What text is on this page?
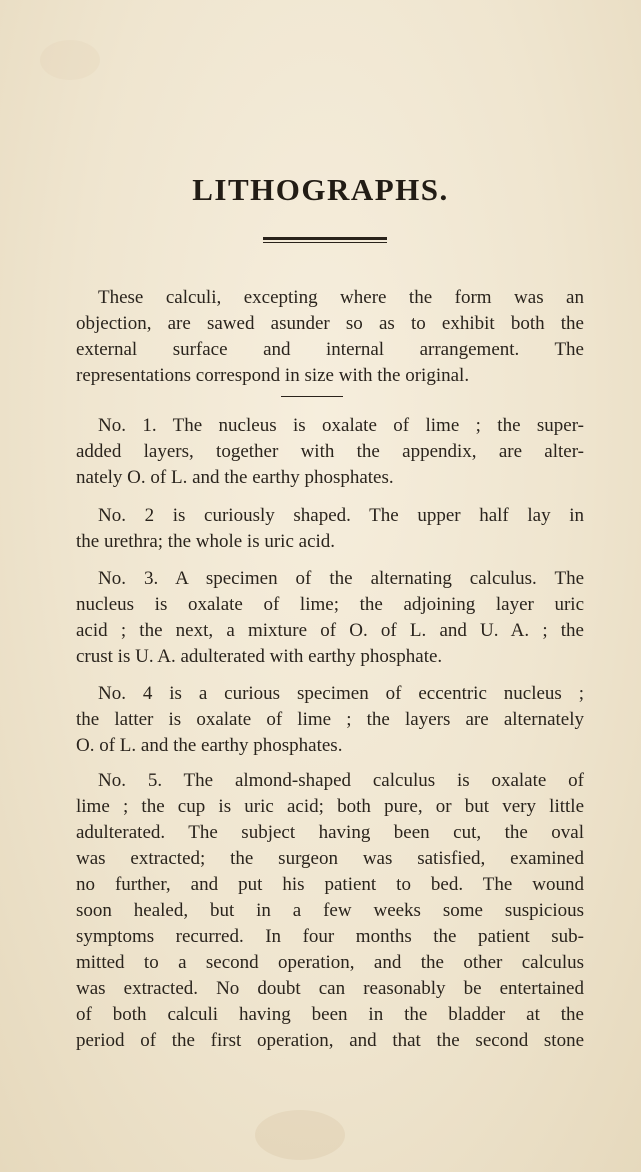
LITHOGRAPHS.
These calculi, excepting where the form was an
objection, are sawed asunder so as to exhibit both the
external surface and internal arrangement. The
representations correspond in size with the original.
No. 1. The nucleus is oxalate of lime ; the super-
added layers, together with the appendix, are alter-
nately O. of L. and the earthy phosphates.
No. 2 is curiously shaped. The upper half lay in
the urethra; the whole is uric acid.
No. 3. A specimen of the alternating calculus. The
nucleus is oxalate of lime; the adjoining layer uric
acid ; the next, a mixture of O. of L. and U. A. ; the
crust is U. A. adulterated with earthy phosphate.
No. 4 is a curious specimen of eccentric nucleus ;
the latter is oxalate of lime ; the layers are alternately
O. of L. and the earthy phosphates.
No. 5. The almond-shaped calculus is oxalate of
lime ; the cup is uric acid; both pure, or but very little
adulterated. The subject having been cut, the oval
was extracted; the surgeon was satisfied, examined
no further, and put his patient to bed. The wound
soon healed, but in a few weeks some suspicious
symptoms recurred. In four months the patient sub-
mitted to a second operation, and the other calculus
was extracted. No doubt can reasonably be entertained
of both calculi having been in the bladder at the
period of the first operation, and that the second stone
